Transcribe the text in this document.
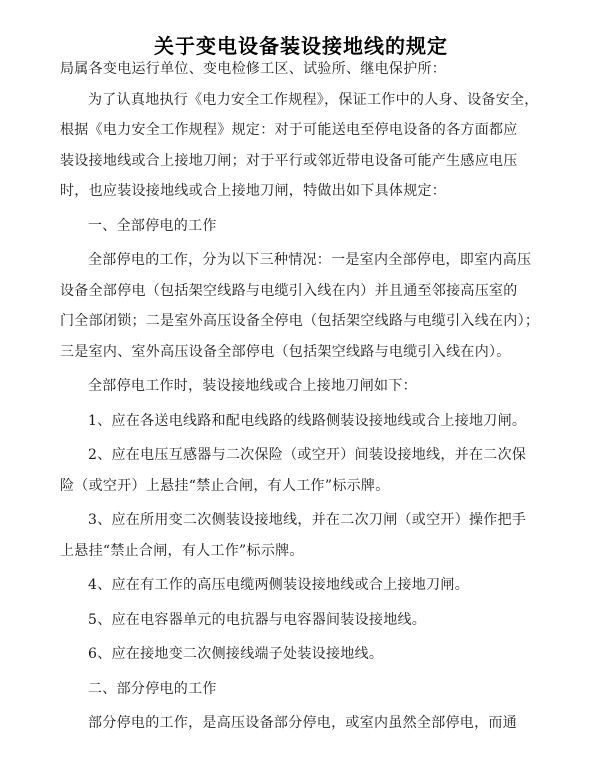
关于变电设备装设接地线的规定

局属各变电运行单位、变电检修工区、试验所、继电保护所：

为了认真地执行《电力安全工作规程》，保证工作中的人身、设备安全，
根据《电力安全工作规程》规定：对于可能送电至停电设备的各方面都应
装设接地线或合上接地刀闸；对于平行或邻近带电设备可能产生感应电压
时，也应装设接地线或合上接地刀闸，特做出如下具体规定：

一、全部停电的工作

全部停电的工作，分为以下三种情况：一是室内全部停电，即室内高压
设备全部停电（包括架空线路与电缆引入线在内）并且通至邻接高压室的
门全部闭锁；二是室外高压设备全停电（包括架空线路与电缆引入线在内）；
三是室内、室外高压设备全部停电（包括架空线路与电缆引入线在内）。

全部停电工作时，装设接地线或合上接地刀闸如下：

1、应在各送电线路和配电线路的线路侧装设接地线或合上接地刀闸。
2、应在电压互感器与二次保险（或空开）间装设接地线，并在二次保
险（或空开）上悬挂“禁止合闸，有人工作”标示牌。
3、应在所用变二次侧装设接地线，并在二次刀闸（或空开）操作把手
上悬挂“禁止合闸，有人工作”标示牌。
4、应在有工作的高压电缆两侧装设接地线或合上接地刀闸。
5、应在电容器单元的电抗器与电容器间装设接地线。
6、应在接地变二次侧接线端子处装设接地线。

二、部分停电的工作

部分停电的工作，是高压设备部分停电，或室内虽然全部停电，而通
